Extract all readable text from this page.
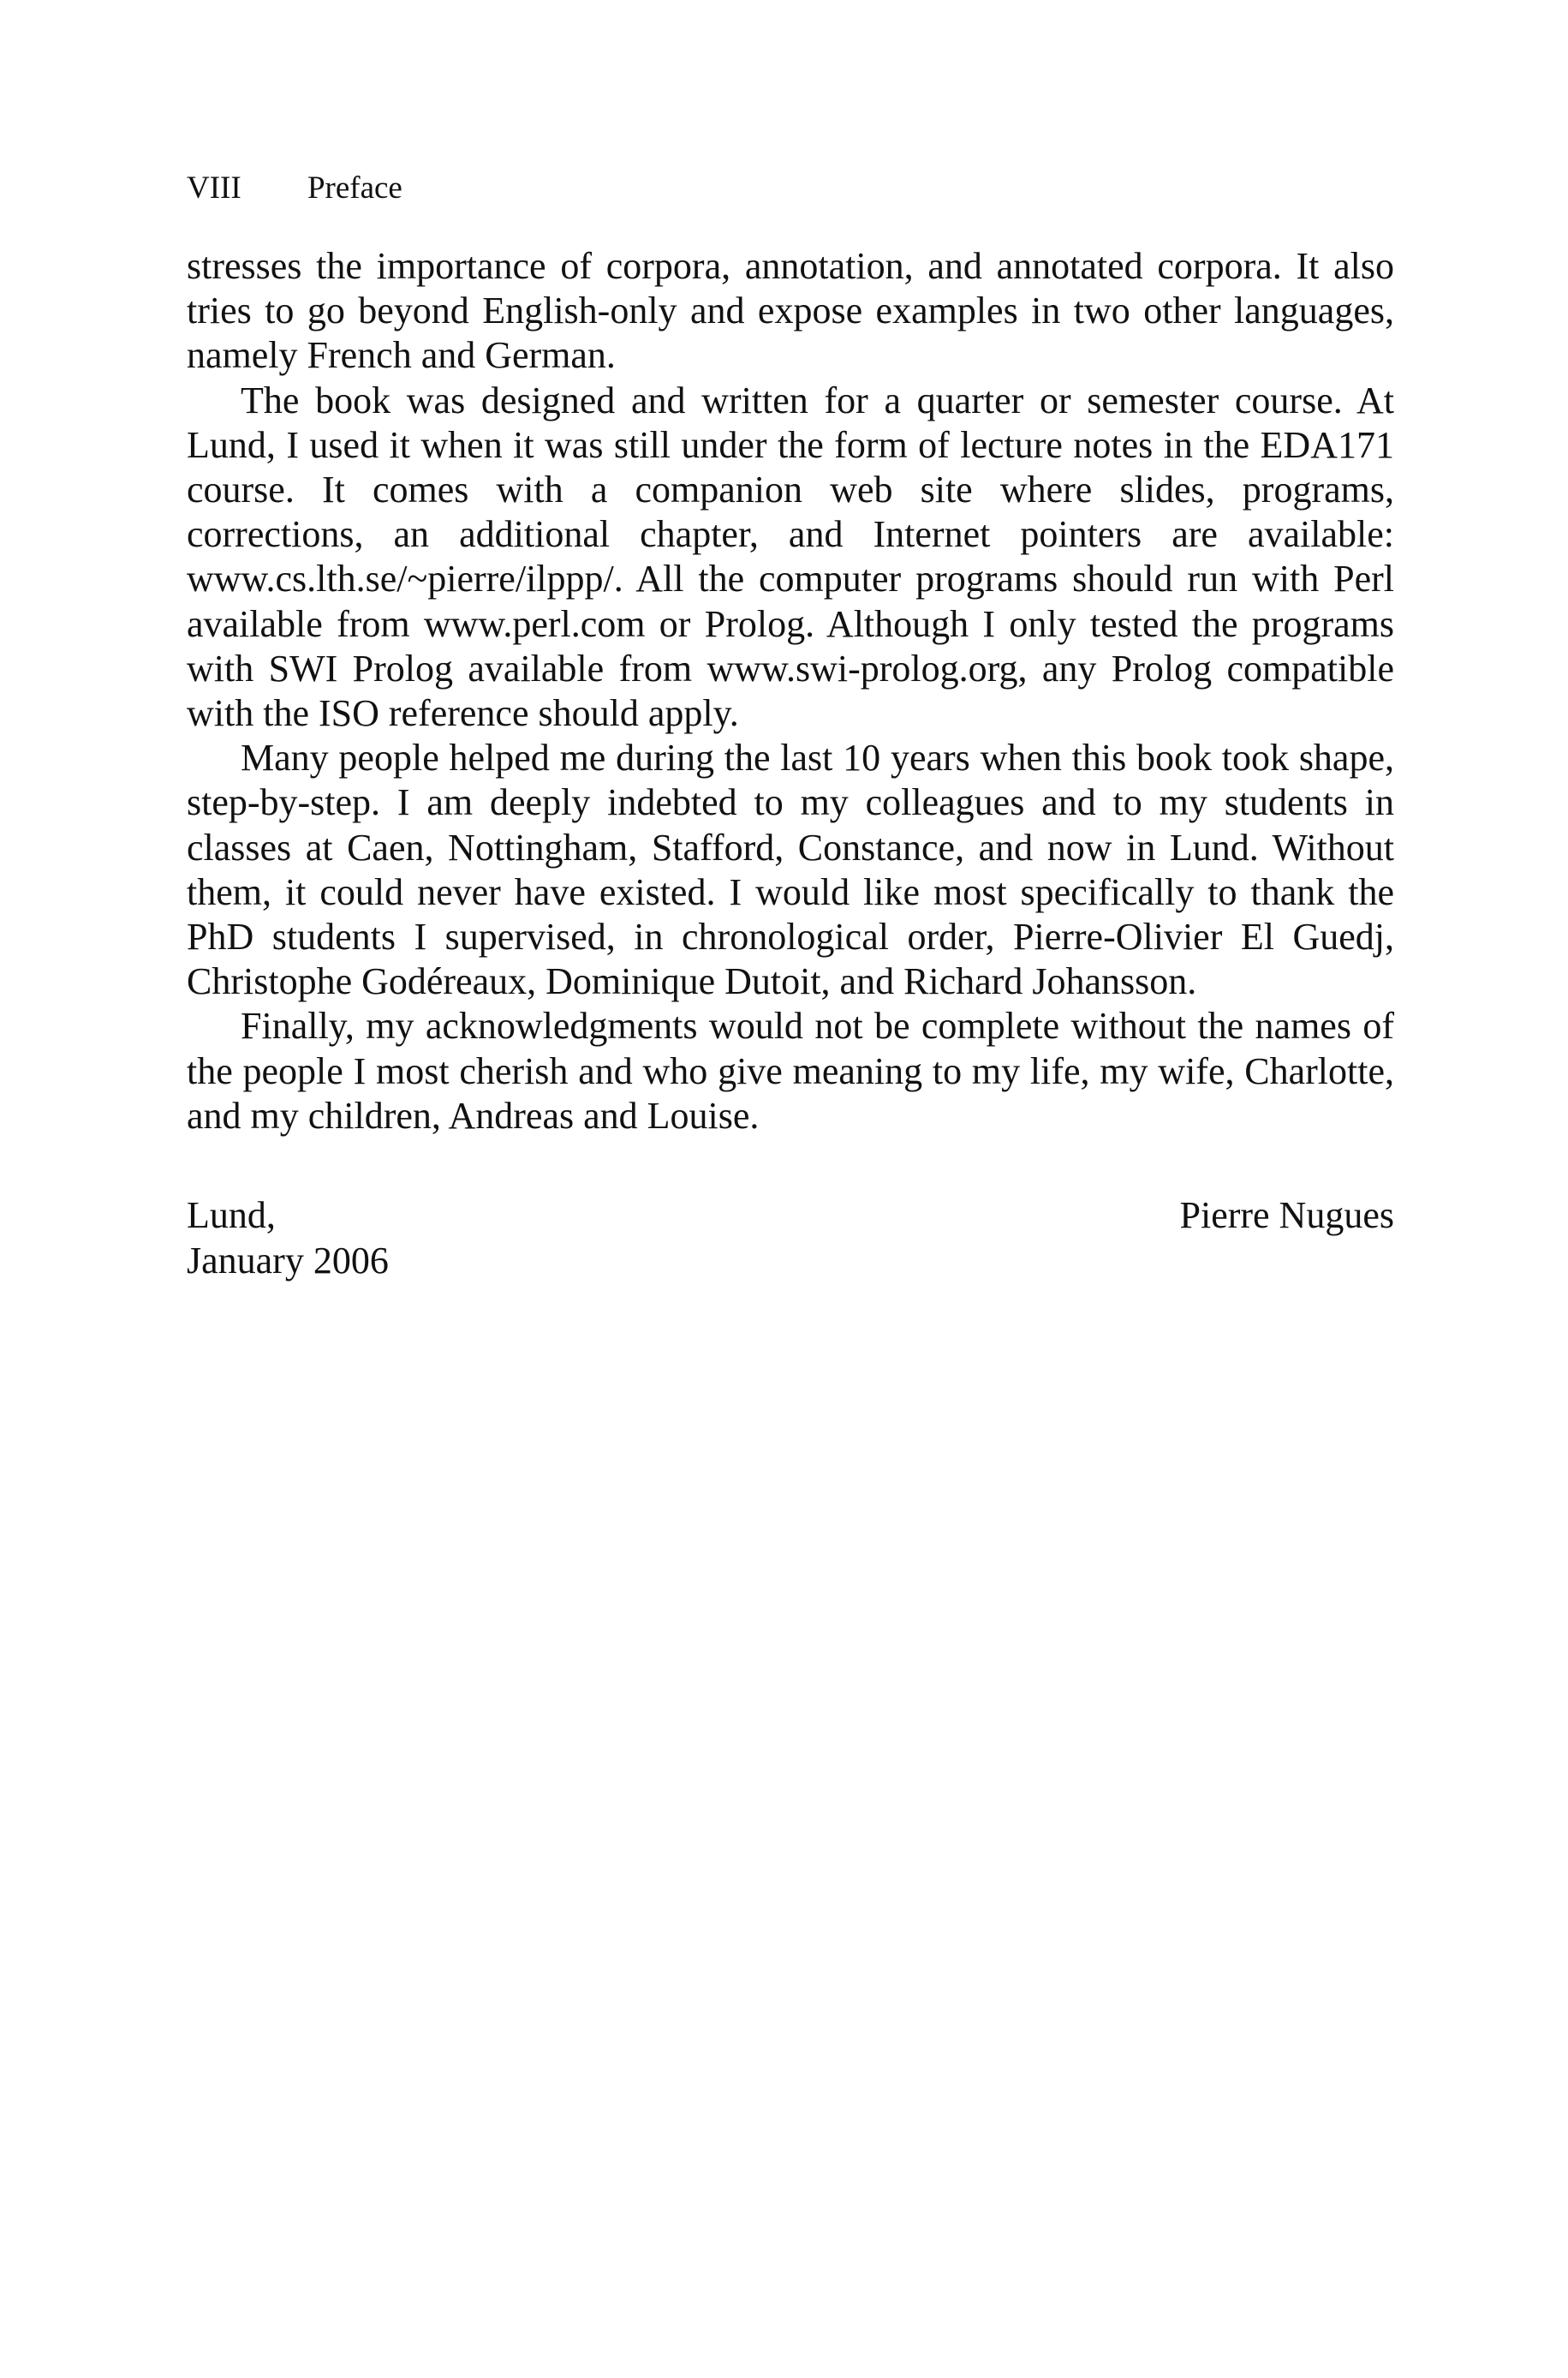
VIII Preface

stresses the importance of corpora, annotation, and annotated corpora. It also tries to go beyond English-only and expose examples in two other languages, namely French and German.

The book was designed and written for a quarter or semester course. At Lund, I used it when it was still under the form of lecture notes in the EDA171 course. It comes with a companion web site where slides, programs, corrections, an additional chapter, and Internet pointers are available: www.cs.lth.se/~pierre/ilppp/. All the computer programs should run with Perl available from www.perl.com or Prolog. Although I only tested the programs with SWI Prolog available from www.swi-prolog.org, any Prolog compatible with the ISO reference should apply.

Many people helped me during the last 10 years when this book took shape, step-by-step. I am deeply indebted to my colleagues and to my students in classes at Caen, Nottingham, Stafford, Constance, and now in Lund. Without them, it could never have existed. I would like most specifically to thank the PhD students I supervised, in chronological order, Pierre-Olivier El Guedj, Christophe Godéreaux, Dominique Dutoit, and Richard Johansson.

Finally, my acknowledgments would not be complete without the names of the people I most cherish and who give meaning to my life, my wife, Charlotte, and my children, Andreas and Louise.

Lund,
January 2006
Pierre Nugues
